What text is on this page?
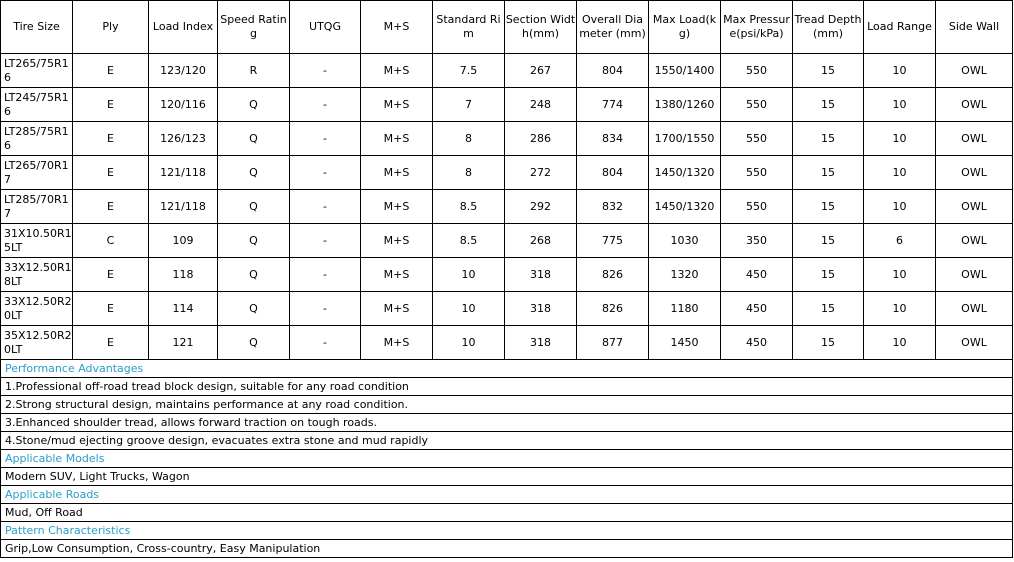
Tire Size	Ply	Load Index	Speed Rating	UTQG	M+S	Standard Rim	Section Width(mm)	Overall Diameter (mm)	Max Load(kg)	Max Pressure(psi/kPa)	Tread Depth(mm)	Load Range	Side Wall
LT265/75R16	E	123/120	R	-	M+S	7.5	267	804	1550/1400	550	15	10	OWL
LT245/75R16	E	120/116	Q	-	M+S	7	248	774	1380/1260	550	15	10	OWL
LT285/75R16	E	126/123	Q	-	M+S	8	286	834	1700/1550	550	15	10	OWL
LT265/70R17	E	121/118	Q	-	M+S	8	272	804	1450/1320	550	15	10	OWL
LT285/70R17	E	121/118	Q	-	M+S	8.5	292	832	1450/1320	550	15	10	OWL
31X10.50R15LT	C	109	Q	-	M+S	8.5	268	775	1030	350	15	6	OWL
33X12.50R18LT	E	118	Q	-	M+S	10	318	826	1320	450	15	10	OWL
33X12.50R20LT	E	114	Q	-	M+S	10	318	826	1180	450	15	10	OWL
35X12.50R20LT	E	121	Q	-	M+S	10	318	877	1450	450	15	10	OWL
Performance Advantages													
1.Professional off-road tread block design, suitable for any road condition													
2.Strong structural design, maintains performance at any road condition.													
3.Enhanced shoulder tread, allows forward traction on tough roads.													
4.Stone/mud ejecting groove design, evacuates extra stone and mud rapidly													
Applicable Models													
Modern SUV, Light Trucks, Wagon													
Applicable Roads													
Mud, Off Road													
Pattern Characteristics													
Grip,Low Consumption, Cross-country, Easy Manipulation													
